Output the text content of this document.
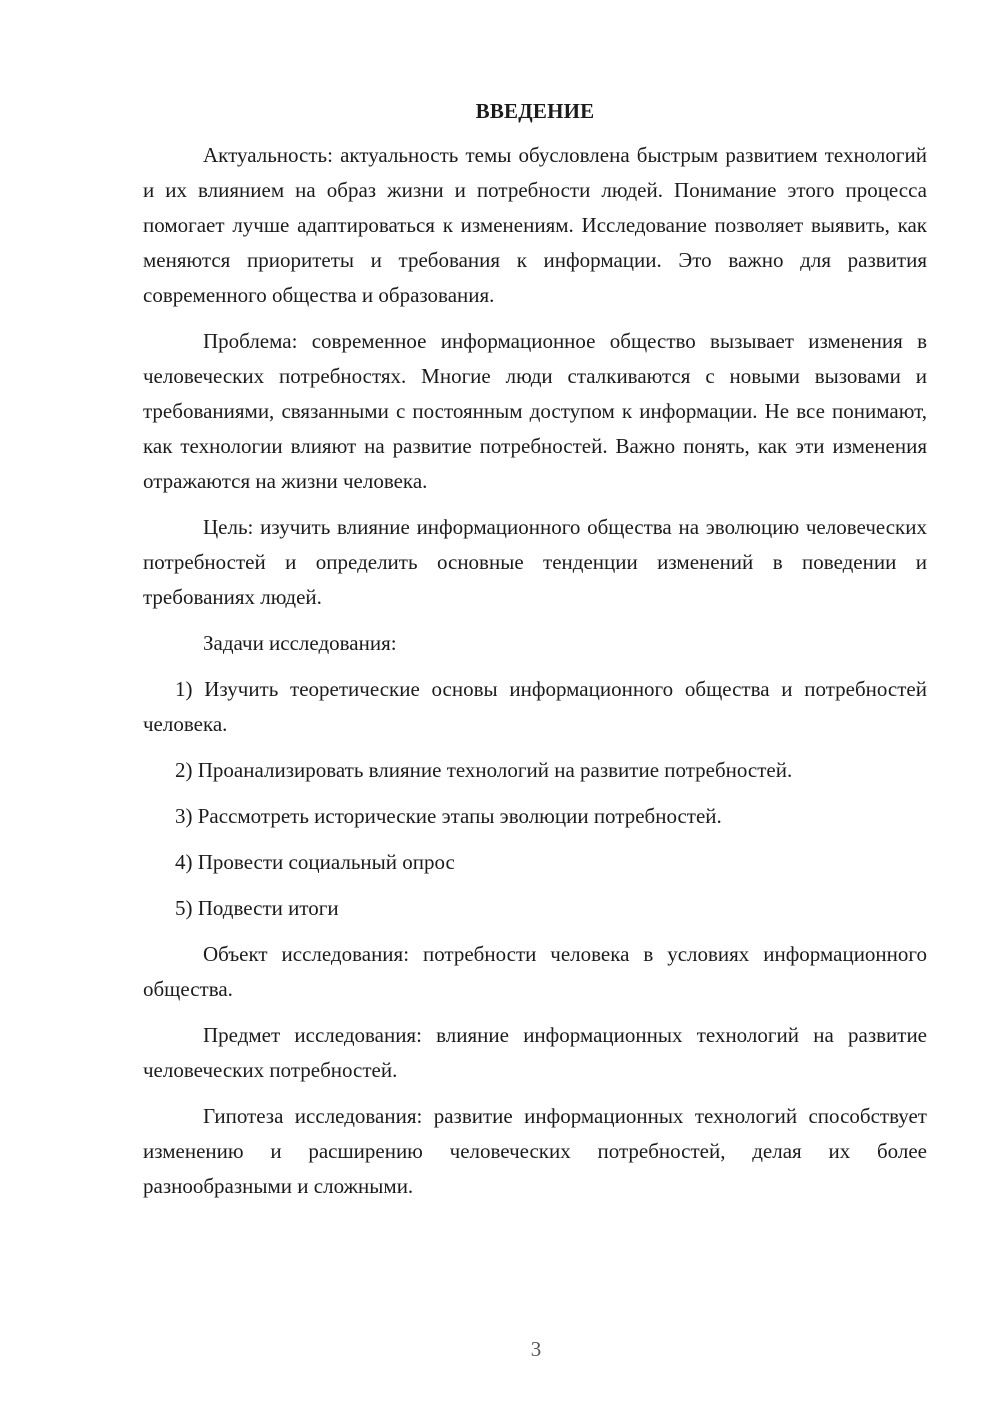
ВВЕДЕНИЕ

Актуальность: актуальность темы обусловлена быстрым развитием технологий и их влиянием на образ жизни и потребности людей. Понимание этого процесса помогает лучше адаптироваться к изменениям. Исследование позволяет выявить, как меняются приоритеты и требования к информации. Это важно для развития современного общества и образования.

Проблема: современное информационное общество вызывает изменения в человеческих потребностях. Многие люди сталкиваются с новыми вызовами и требованиями, связанными с постоянным доступом к информации. Не все понимают, как технологии влияют на развитие потребностей. Важно понять, как эти изменения отражаются на жизни человека.

Цель: изучить влияние информационного общества на эволюцию человеческих потребностей и определить основные тенденции изменений в поведении и требованиях людей.

Задачи исследования:

1) Изучить теоретические основы информационного общества и потребностей человека.

2) Проанализировать влияние технологий на развитие потребностей.

3) Рассмотреть исторические этапы эволюции потребностей.

4) Провести социальный опрос

5) Подвести итоги

Объект исследования: потребности человека в условиях информационного общества.

Предмет исследования: влияние информационных технологий на развитие человеческих потребностей.

Гипотеза исследования: развитие информационных технологий способствует изменению и расширению человеческих потребностей, делая их более разнообразными и сложными.

3
